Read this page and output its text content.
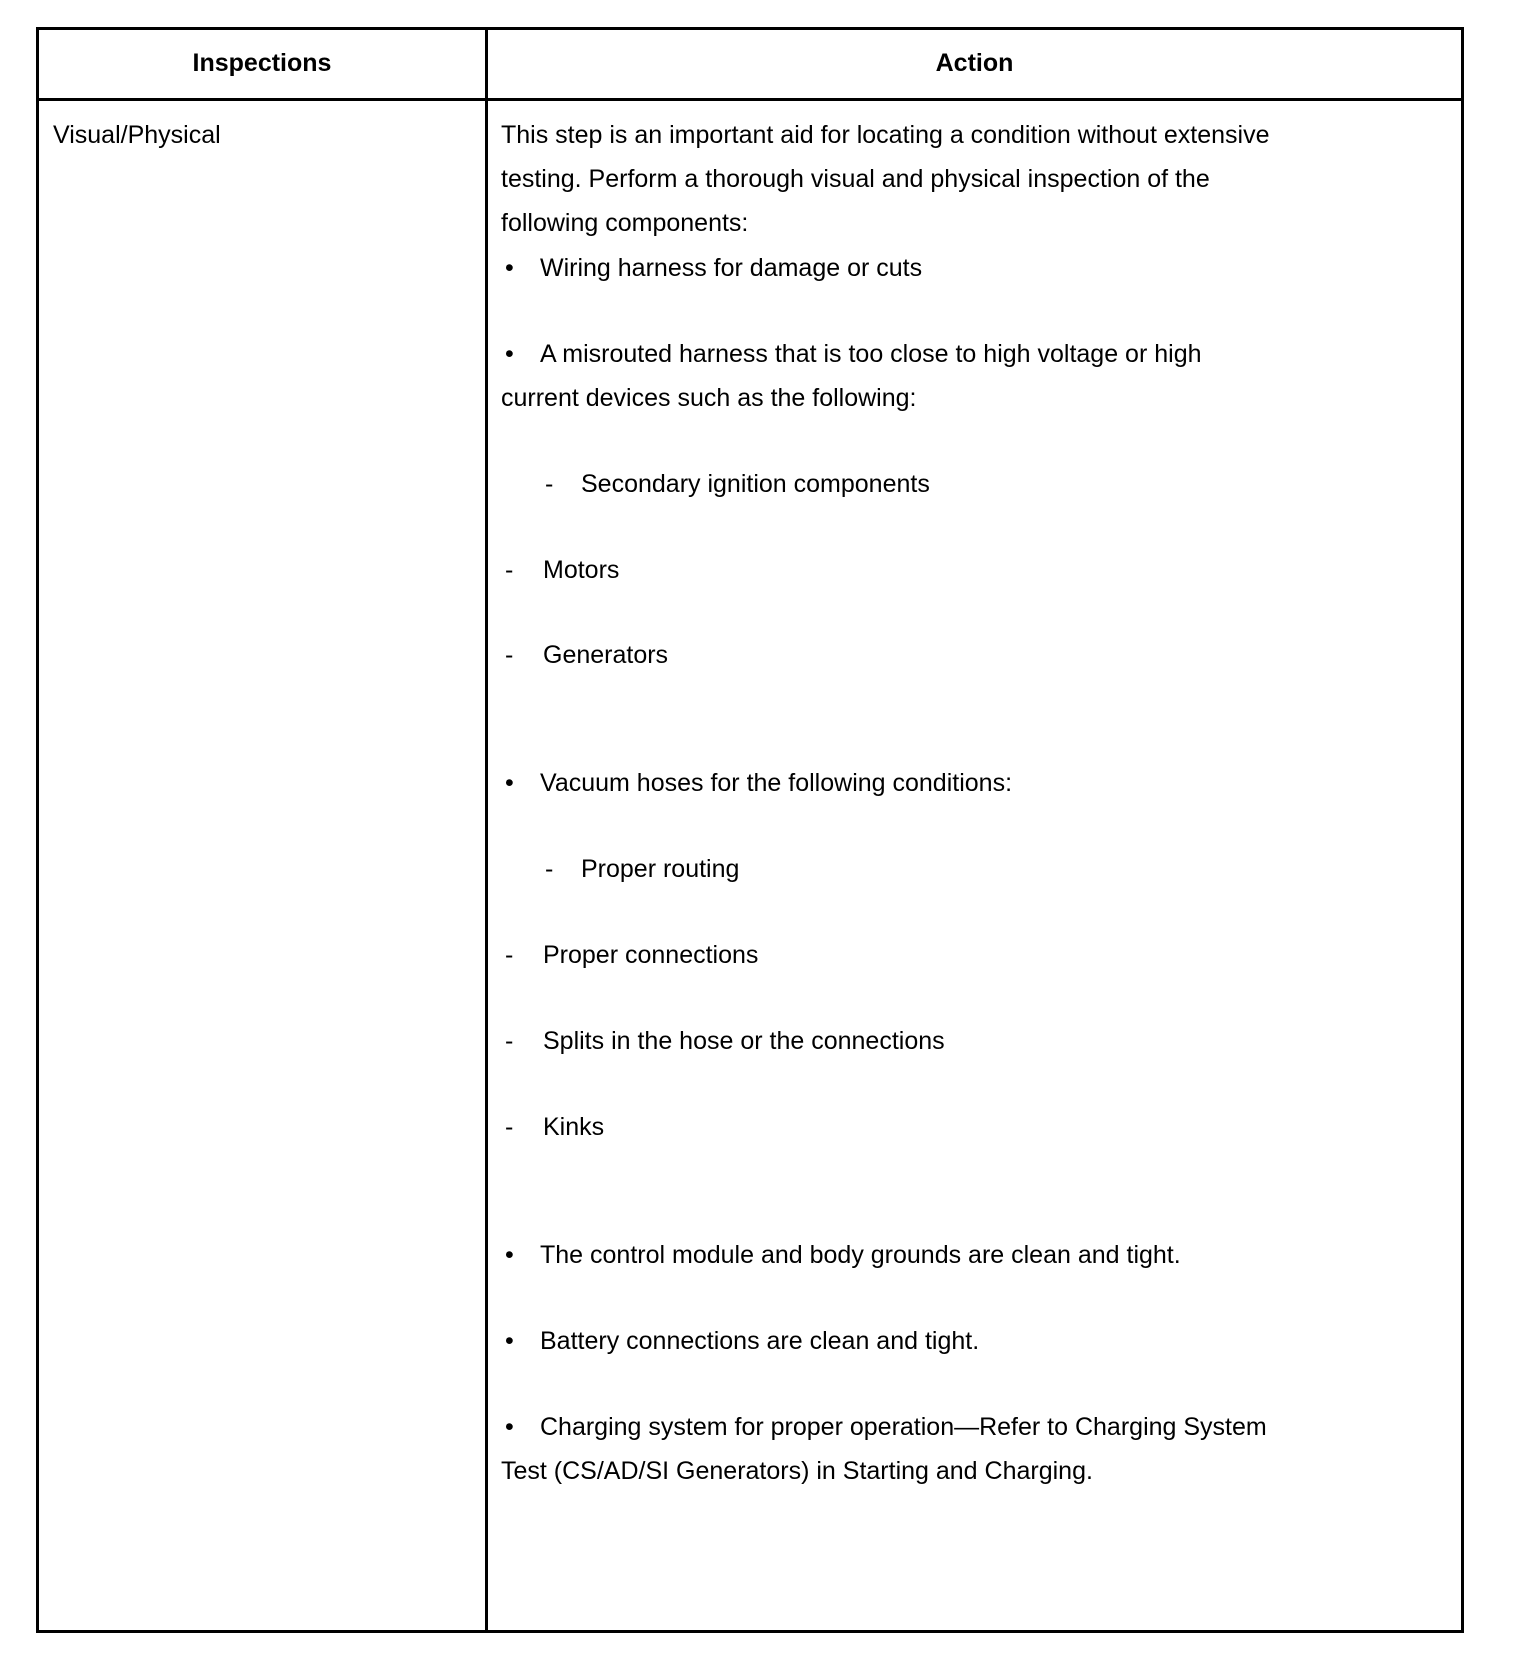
Inspections	Action
Visual/Physical	This step is an important aid for locating a condition without extensive
testing. Perform a thorough visual and physical inspection of the
following components:
• Wiring harness for damage or cuts
• A misrouted harness that is too close to high voltage or high
current devices such as the following:
- Secondary ignition components
- Motors
- Generators
• Vacuum hoses for the following conditions:
- Proper routing
- Proper connections
- Splits in the hose or the connections
- Kinks
• The control module and body grounds are clean and tight.
• Battery connections are clean and tight.
• Charging system for proper operation—Refer to Charging System
Test (CS/AD/SI Generators) in Starting and Charging.
